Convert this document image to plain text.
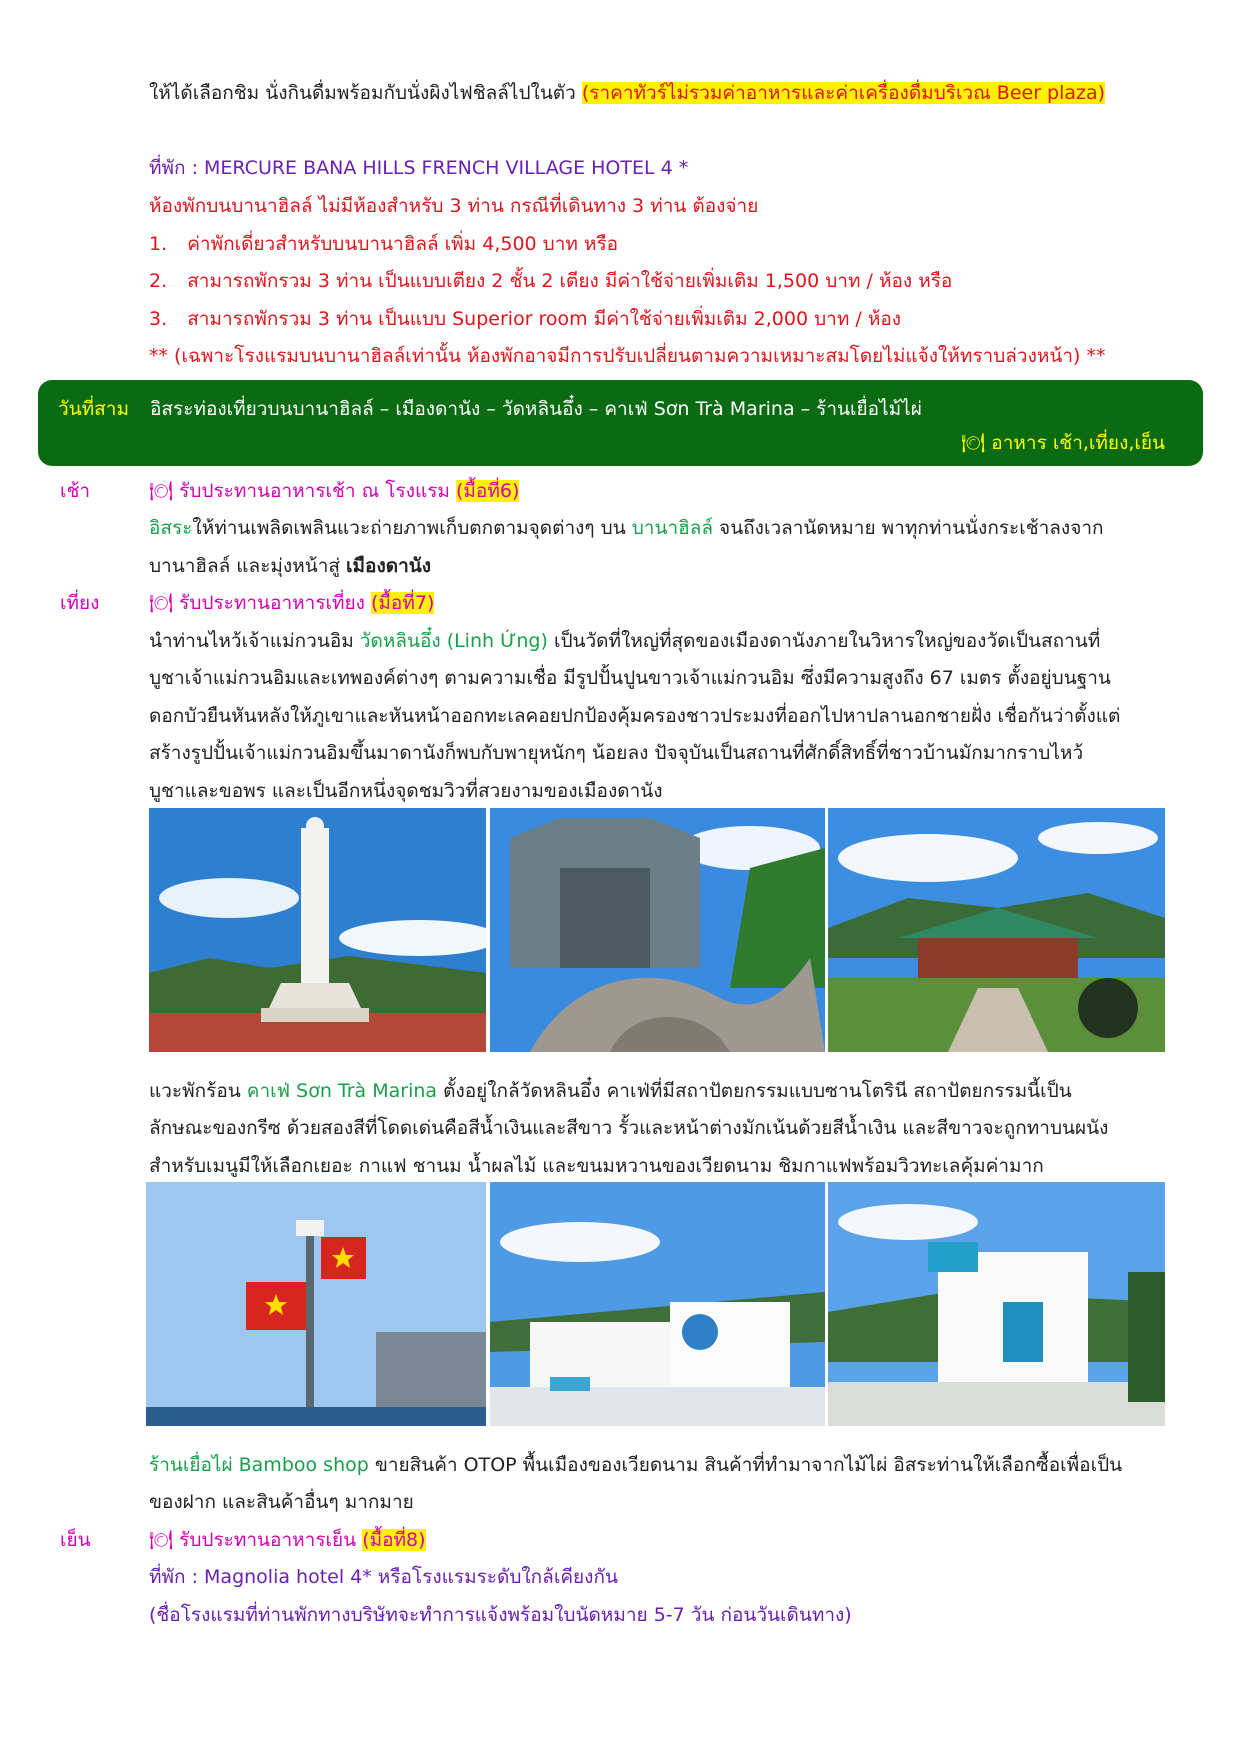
ให้ได้เลือกชิม นั่งกินดื่มพร้อมกับนั่งผิงไฟชิลล์ไปในตัว (ราคาทัวร์ไม่รวมค่าอาหารและค่าเครื่องดื่มบริเวณ Beer plaza)
ที่พัก : MERCURE BANA HILLS FRENCH VILLAGE HOTEL 4 *
ห้องพักบนบานาฮิลล์ ไม่มีห้องสำหรับ 3 ท่าน กรณีที่เดินทาง 3 ท่าน ต้องจ่าย
1. ค่าพักเดี่ยวสำหรับบนบานาฮิลล์ เพิ่ม 4,500 บาท หรือ
2. สามารถพักรวม 3 ท่าน เป็นแบบเตียง 2 ชั้น 2 เตียง มีค่าใช้จ่ายเพิ่มเติม 1,500 บาท / ห้อง หรือ
3. สามารถพักรวม 3 ท่าน เป็นแบบ Superior room มีค่าใช้จ่ายเพิ่มเติม 2,000 บาท / ห้อง
** (เฉพาะโรงแรมบนบานาฮิลล์เท่านั้น ห้องพักอาจมีการปรับเปลี่ยนตามความเหมาะสมโดยไม่แจ้งให้ทราบล่วงหน้า) **
วันที่สาม อิสระท่องเที่ยวบนบานาฮิลล์ – เมืองดานัง – วัดหลินอึ๋ง – คาเฟ่ Sơn Trà Marina – ร้านเยื่อไม้ไผ่
🍽 อาหาร เช้า,เที่ยง,เย็น
เช้า	🍽 รับประทานอาหารเช้า ณ โรงแรม (มื้อที่6)
อิสระให้ท่านเพลิดเพลินแวะถ่ายภาพเก็บตกตามจุดต่างๆ บน บานาฮิลล์ จนถึงเวลานัดหมาย พาทุกท่านนั่งกระเช้าลงจาก
บานาฮิลล์ และมุ่งหน้าสู่ เมืองดานัง
เที่ยง	🍽 รับประทานอาหารเที่ยง (มื้อที่7)
นำท่านไหว้เจ้าแม่กวนอิม วัดหลินอึ๋ง (Linh Ứng) เป็นวัดที่ใหญ่ที่สุดของเมืองดานังภายในวิหารใหญ่ของวัดเป็นสถานที่
บูชาเจ้าแม่กวนอิมและเทพองค์ต่างๆ ตามความเชื่อ มีรูปปั้นปูนขาวเจ้าแม่กวนอิม ซึ่งมีความสูงถึง 67 เมตร ตั้งอยู่บนฐาน
ดอกบัวยืนหันหลังให้ภูเขาและหันหน้าออกทะเลคอยปกป้องคุ้มครองชาวประมงที่ออกไปหาปลานอกชายฝั่ง เชื่อกันว่าตั้งแต่
สร้างรูปปั้นเจ้าแม่กวนอิมขึ้นมาดานังก็พบกับพายุหนักๆ น้อยลง ปัจจุบันเป็นสถานที่ศักดิ์สิทธิ์ที่ชาวบ้านมักมากราบไหว้
บูชาและขอพร และเป็นอีกหนึ่งจุดชมวิวที่สวยงามของเมืองดานัง
แวะพักร้อน คาเฟ่ Sơn Trà Marina ตั้งอยู่ใกล้วัดหลินอึ๋ง คาเฟ่ที่มีสถาปัตยกรรมแบบซานโตรินี สถาปัตยกรรมนี้เป็น
ลักษณะของกรีซ ด้วยสองสีที่โดดเด่นคือสีน้ำเงินและสีขาว รั้วและหน้าต่างมักเน้นด้วยสีน้ำเงิน และสีขาวจะถูกทาบนผนัง
สำหรับเมนูมีให้เลือกเยอะ กาแฟ ชานม น้ำผลไม้ และขนมหวานของเวียดนาม ชิมกาแฟพร้อมวิวทะเลคุ้มค่ามาก
ร้านเยื่อไผ่ Bamboo shop ขายสินค้า OTOP พื้นเมืองของเวียดนาม สินค้าที่ทำมาจากไม้ไผ่ อิสระท่านให้เลือกซื้อเพื่อเป็น
ของฝาก และสินค้าอื่นๆ มากมาย
เย็น	🍽 รับประทานอาหารเย็น (มื้อที่8)
ที่พัก : Magnolia hotel 4* หรือโรงแรมระดับใกล้เคียงกัน
(ชื่อโรงแรมที่ท่านพักทางบริษัทจะทำการแจ้งพร้อมใบนัดหมาย 5-7 วัน ก่อนวันเดินทาง)
